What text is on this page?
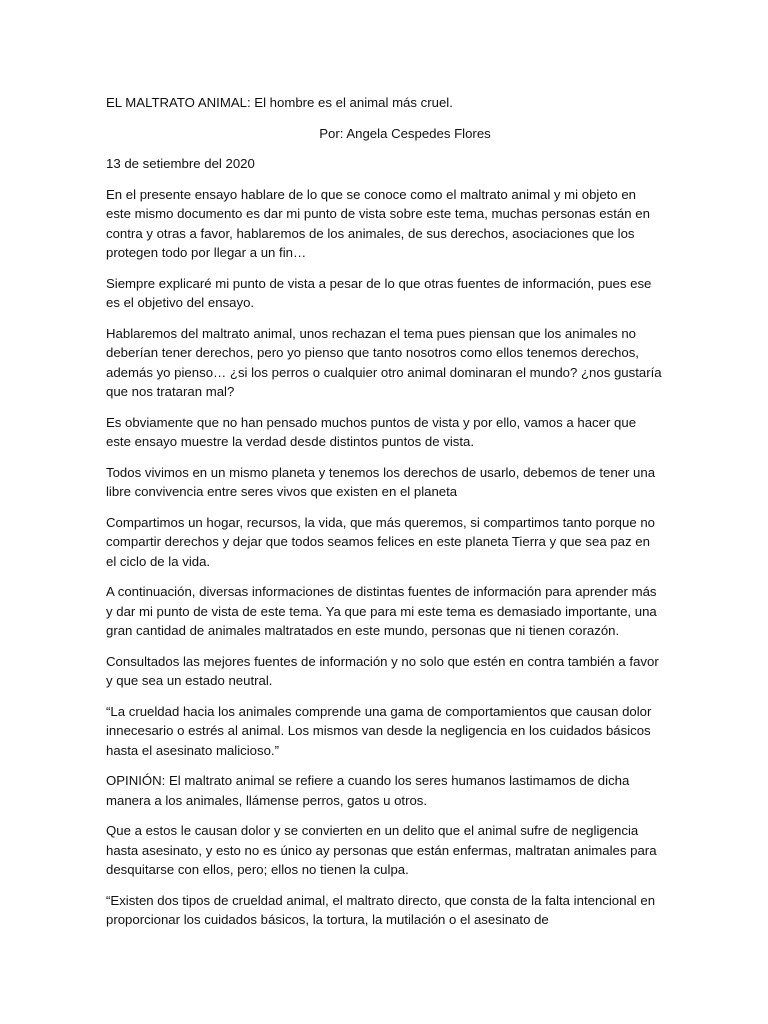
EL MALTRATO ANIMAL: El hombre es el animal más cruel.

Por: Angela Cespedes Flores

13 de setiembre del 2020

En el presente ensayo hablare de lo que se conoce como el maltrato animal y mi objeto en este mismo documento es dar mi punto de vista sobre este tema, muchas personas están en contra y otras a favor, hablaremos de los animales, de sus derechos, asociaciones que los protegen todo por llegar a un fin…

Siempre explicaré mi punto de vista a pesar de lo que otras fuentes de información, pues ese es el objetivo del ensayo.

Hablaremos del maltrato animal, unos rechazan el tema pues piensan que los animales no deberían tener derechos, pero yo pienso que tanto nosotros como ellos tenemos derechos, además yo pienso… ¿si los perros o cualquier otro animal dominaran el mundo? ¿nos gustaría que nos trataran mal?

Es obviamente que no han pensado muchos puntos de vista y por ello, vamos a hacer que este ensayo muestre la verdad desde distintos puntos de vista.

Todos vivimos en un mismo planeta y tenemos los derechos de usarlo, debemos de tener una libre convivencia entre seres vivos que existen en el planeta

Compartimos un hogar, recursos, la vida, que más queremos, si compartimos tanto porque no compartir derechos y dejar que todos seamos felices en este planeta Tierra y que sea paz en el ciclo de la vida.

A continuación, diversas informaciones de distintas fuentes de información para aprender más y dar mi punto de vista de este tema. Ya que para mi este tema es demasiado importante, una gran cantidad de animales maltratados en este mundo, personas que ni tienen corazón.

Consultados las mejores fuentes de información y no solo que estén en contra también a favor y que sea un estado neutral.

“La crueldad hacia los animales comprende una gama de comportamientos que causan dolor innecesario o estrés al animal. Los mismos van desde la negligencia en los cuidados básicos hasta el asesinato malicioso.”

OPINIÓN: El maltrato animal se refiere a cuando los seres humanos lastimamos de dicha manera a los animales, llámense perros, gatos u otros.

Que a estos le causan dolor y se convierten en un delito que el animal sufre de negligencia hasta asesinato, y esto no es único ay personas que están enfermas, maltratan animales para desquitarse con ellos, pero; ellos no tienen la culpa.

“Existen dos tipos de crueldad animal, el maltrato directo, que consta de la falta intencional en proporcionar los cuidados básicos, la tortura, la mutilación o el asesinato de
